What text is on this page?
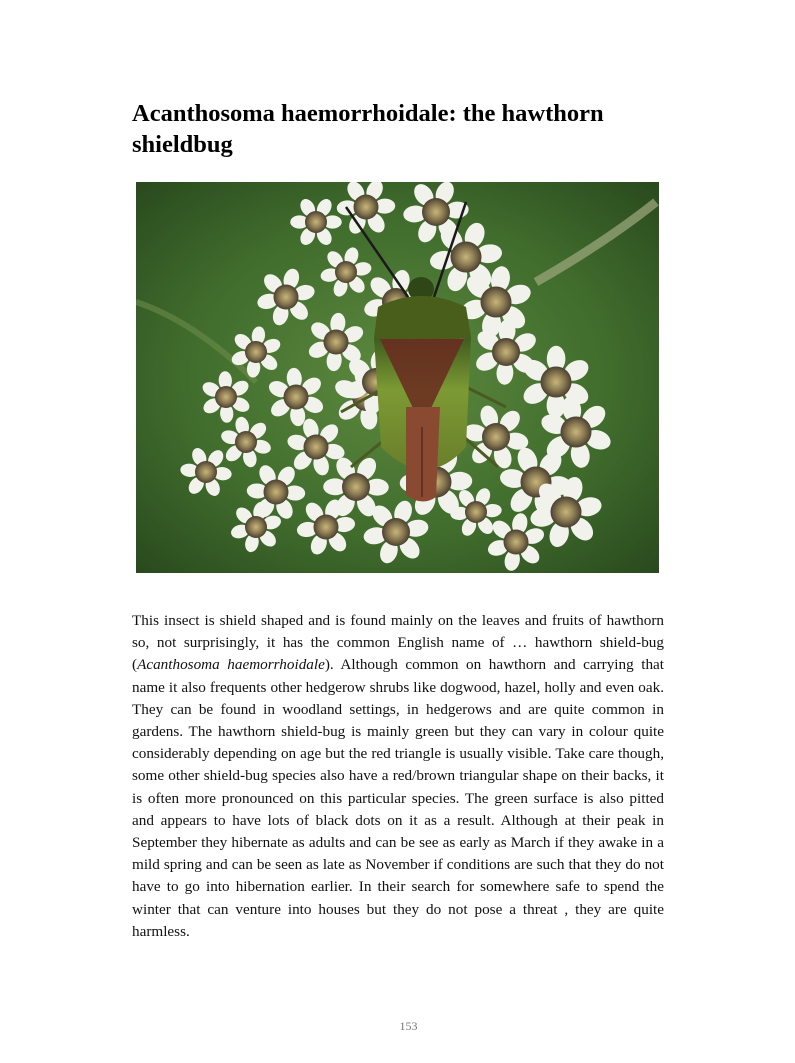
Acanthosoma haemorrhoidale: the hawthorn shieldbug

This insect is shield shaped and is found mainly on the leaves and fruits of hawthorn so, not surprisingly, it has the common English name of … hawthorn shield-bug (Acanthosoma haemorrhoidale). Although common on hawthorn and carrying that name it also frequents other hedgerow shrubs like dogwood, hazel, holly and even oak. They can be found in woodland settings, in hedgerows and are quite common in gardens. The hawthorn shield-bug is mainly green but they can vary in colour quite considerably depending on age but the red triangle is usually visible. Take care though, some other shield-bug species also have a red/brown triangular shape on their backs, it is often more pronounced on this particular species. The green surface is also pitted and appears to have lots of black dots on it as a result. Although at their peak in September they hibernate as adults and can be see as early as March if they awake in a mild spring and can be seen as late as November if conditions are such that they do not have to go into hibernation earlier. In their search for somewhere safe to spend the winter that can venture into houses but they do not pose a threat , they are quite harmless.

153
